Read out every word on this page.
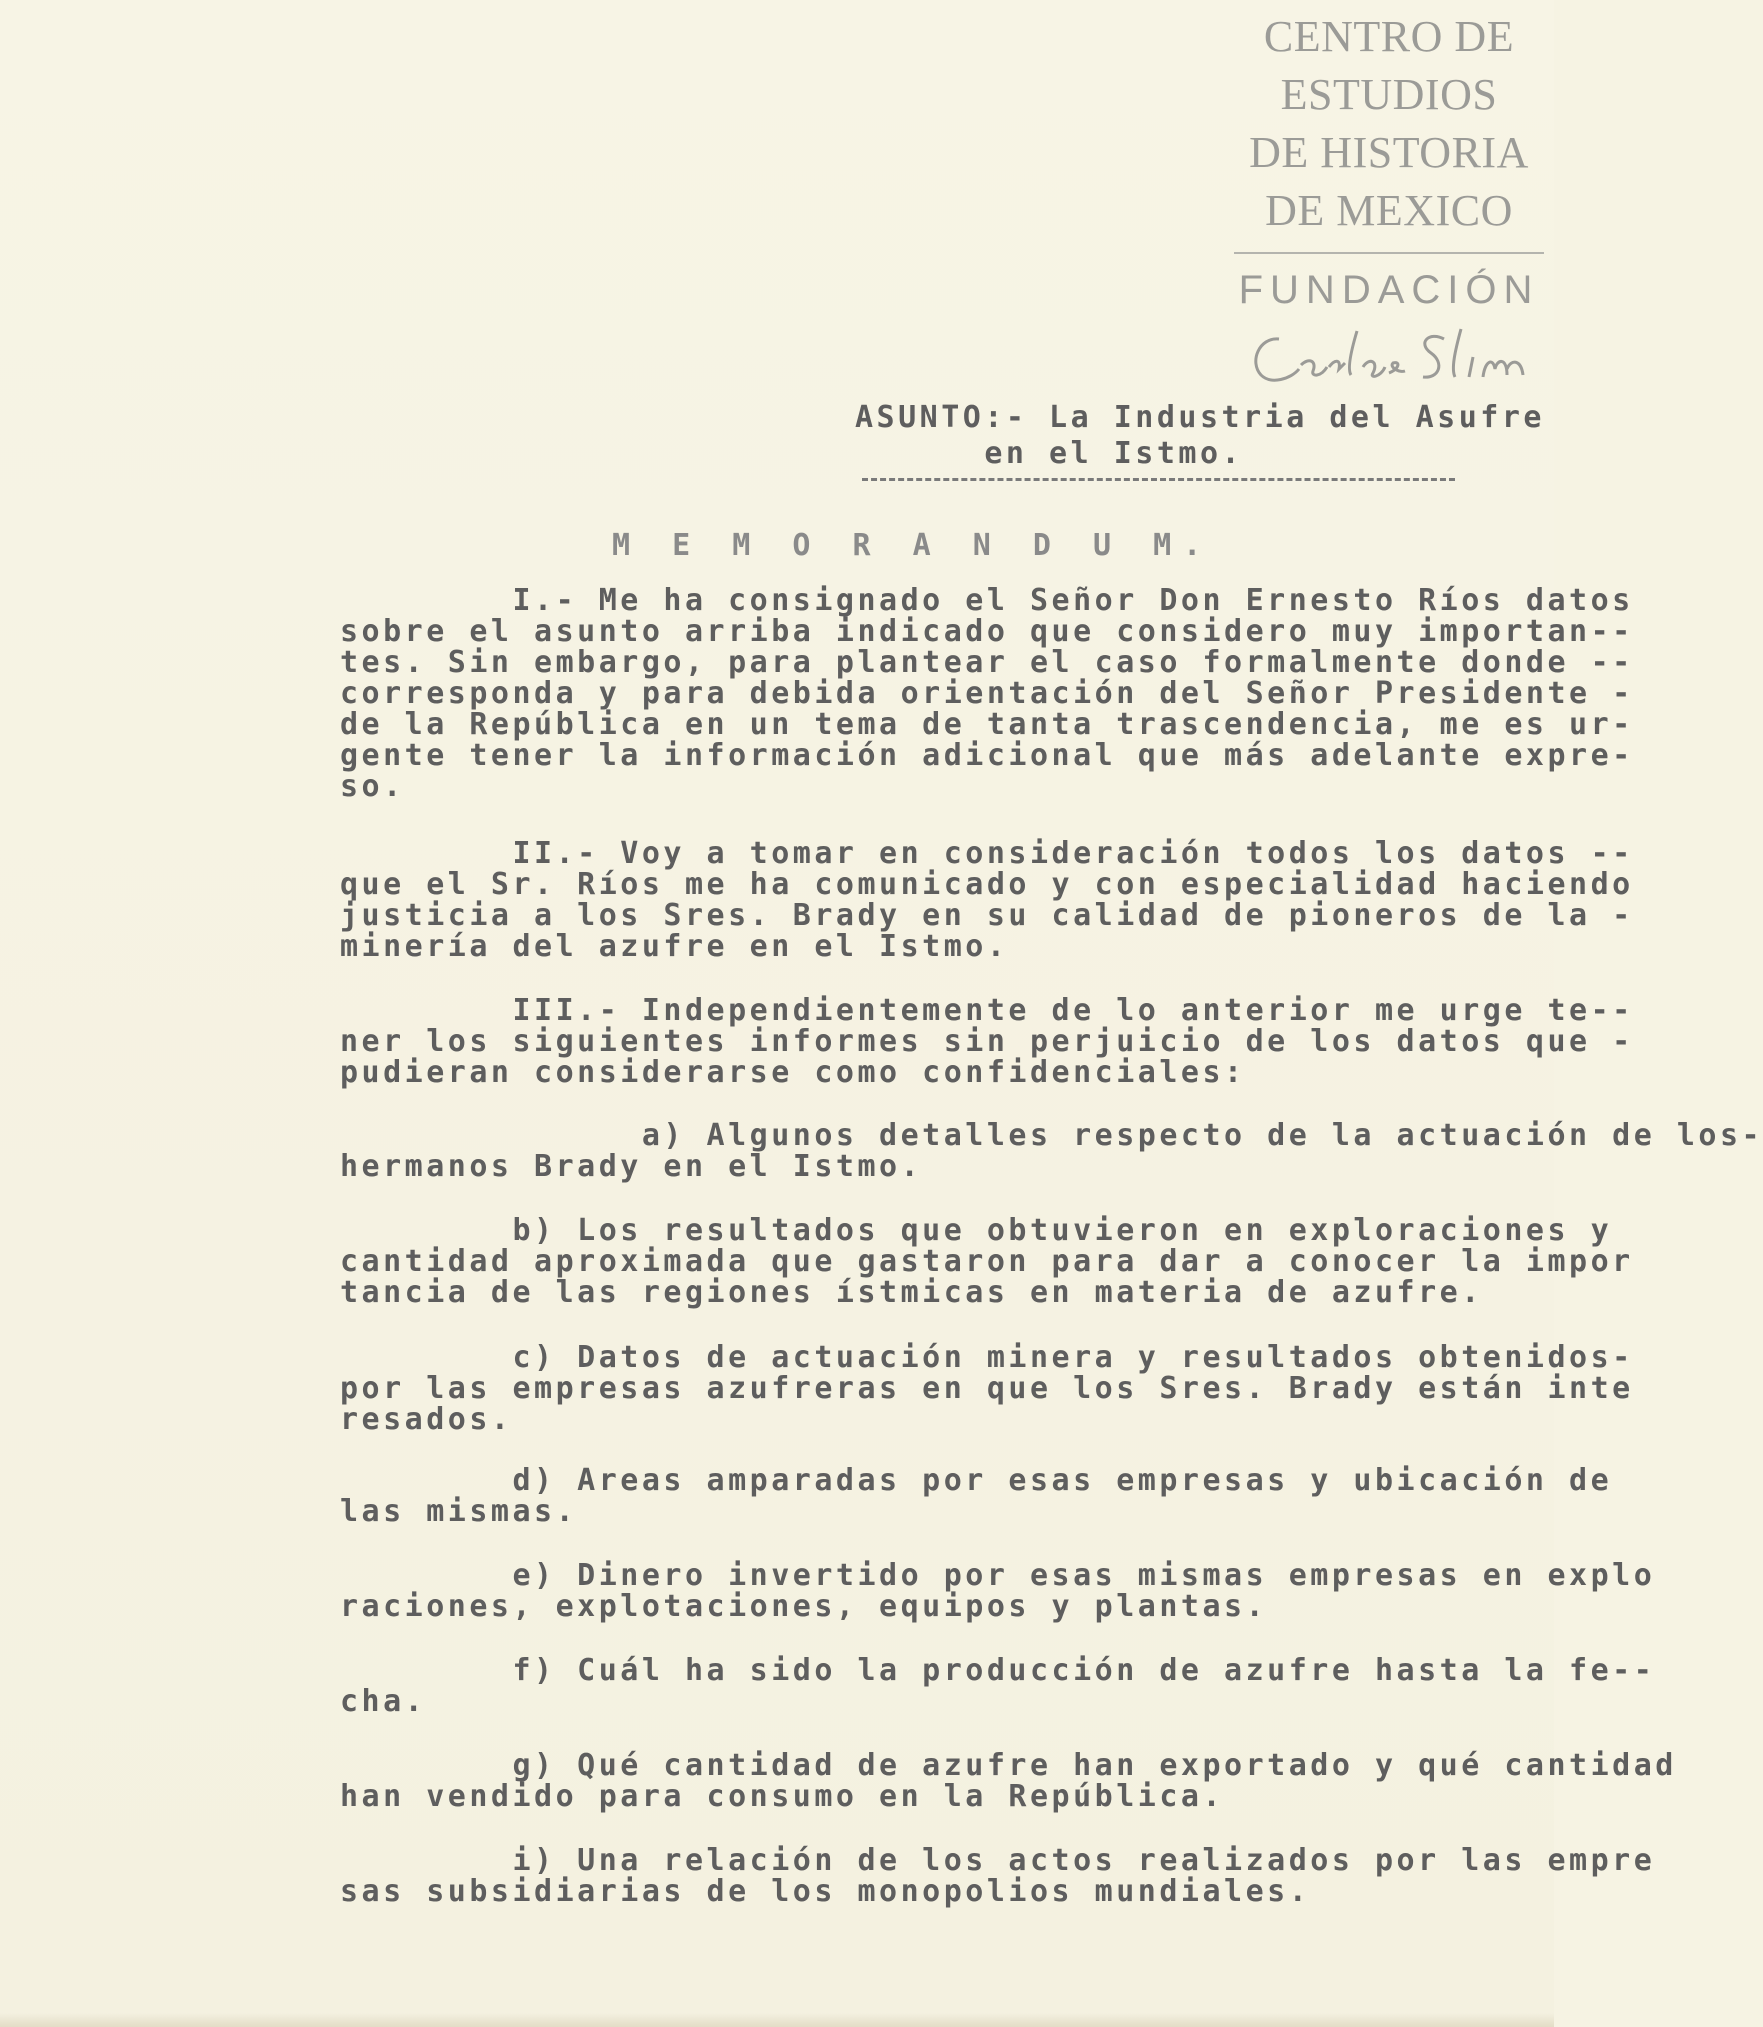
CENTRO DE
ESTUDIOS
DE HISTORIA
DE MEXICO
FUNDACIÓN
ASUNTO:- La Industria del Asufre
en el Istmo.
M E M O R A N D U M.
I.- Me ha consignado el Señor Don Ernesto Ríos datos
sobre el asunto arriba indicado que considero muy importan--
tes. Sin embargo, para plantear el caso formalmente donde --
corresponda y para debida orientación del Señor Presidente -
de la República en un tema de tanta trascendencia, me es ur-
gente tener la información adicional que más adelante expre-
so.
II.- Voy a tomar en consideración todos los datos --
que el Sr. Ríos me ha comunicado y con especialidad haciendo
justicia a los Sres. Brady en su calidad de pioneros de la -
minería del azufre en el Istmo.
III.- Independientemente de lo anterior me urge te--
ner los siguientes informes sin perjuicio de los datos que -
pudieran considerarse como confidenciales:
a) Algunos detalles respecto de la actuación de los-
hermanos Brady en el Istmo.
b) Los resultados que obtuvieron en exploraciones y
cantidad aproximada que gastaron para dar a conocer la impor
tancia de las regiones ístmicas en materia de azufre.
c) Datos de actuación minera y resultados obtenidos-
por las empresas azufreras en que los Sres. Brady están inte
resados.
d) Areas amparadas por esas empresas y ubicación de
las mismas.
e) Dinero invertido por esas mismas empresas en explo
raciones, explotaciones, equipos y plantas.
f) Cuál ha sido la producción de azufre hasta la fe--
cha.
g) Qué cantidad de azufre han exportado y qué cantidad
han vendido para consumo en la República.
i) Una relación de los actos realizados por las empre
sas subsidiarias de los monopolios mundiales.
